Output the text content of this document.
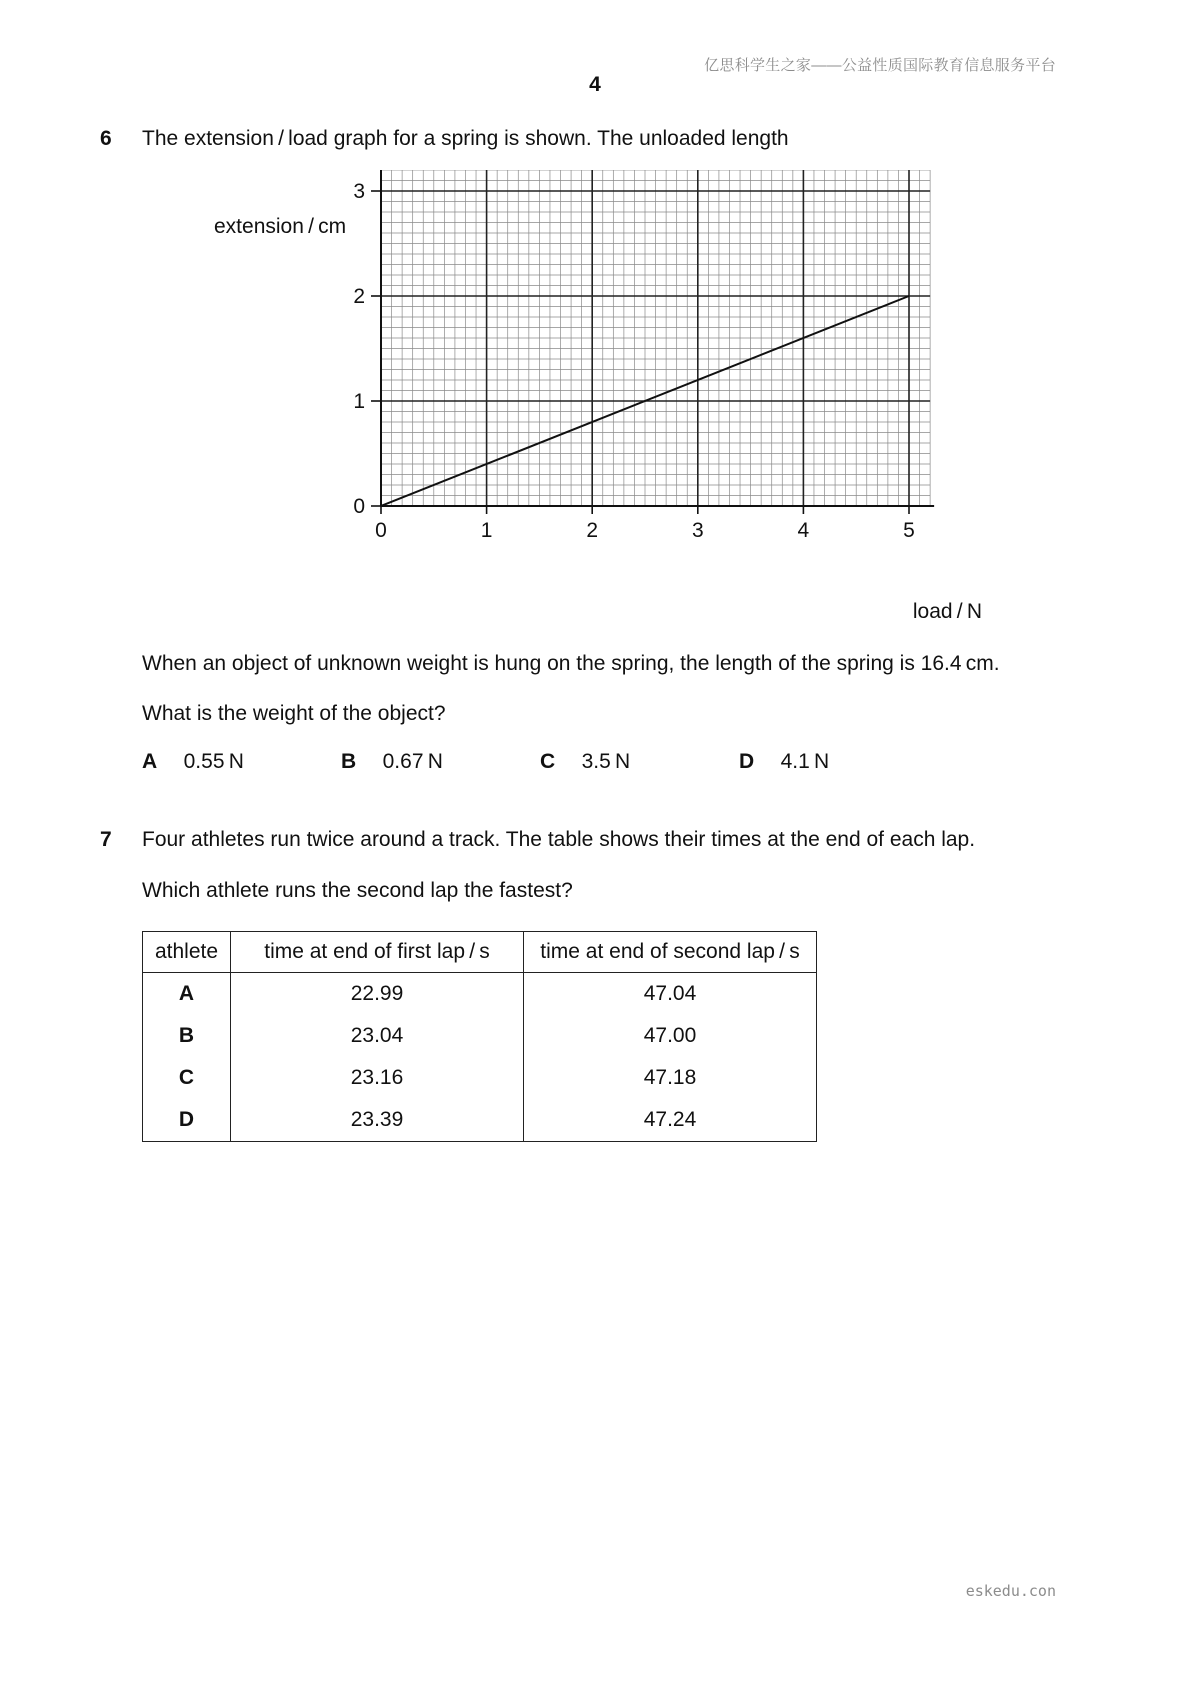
亿思科学生之家——公益性质国际教育信息服务平台
4
6 The extension / load graph for a spring is shown. The unloaded length
0	1	2	3	4	5
0
1
2
3
extension / cm
load / N
When an object of unknown weight is hung on the spring, the length of the spring is 16.4 cm.
What is the weight of the object?
A 0.55 N	B 0.67 N	C 3.5 N	D 4.1 N
7 Four athletes run twice around a track. The table shows their times at the end of each lap.
Which athlete runs the second lap the fastest?
athlete	time at end of first lap / s	time at end of second lap / s
A	22.99	47.04
B	23.04	47.00
C	23.16	47.18
D	23.39	47.24
eskedu.con
